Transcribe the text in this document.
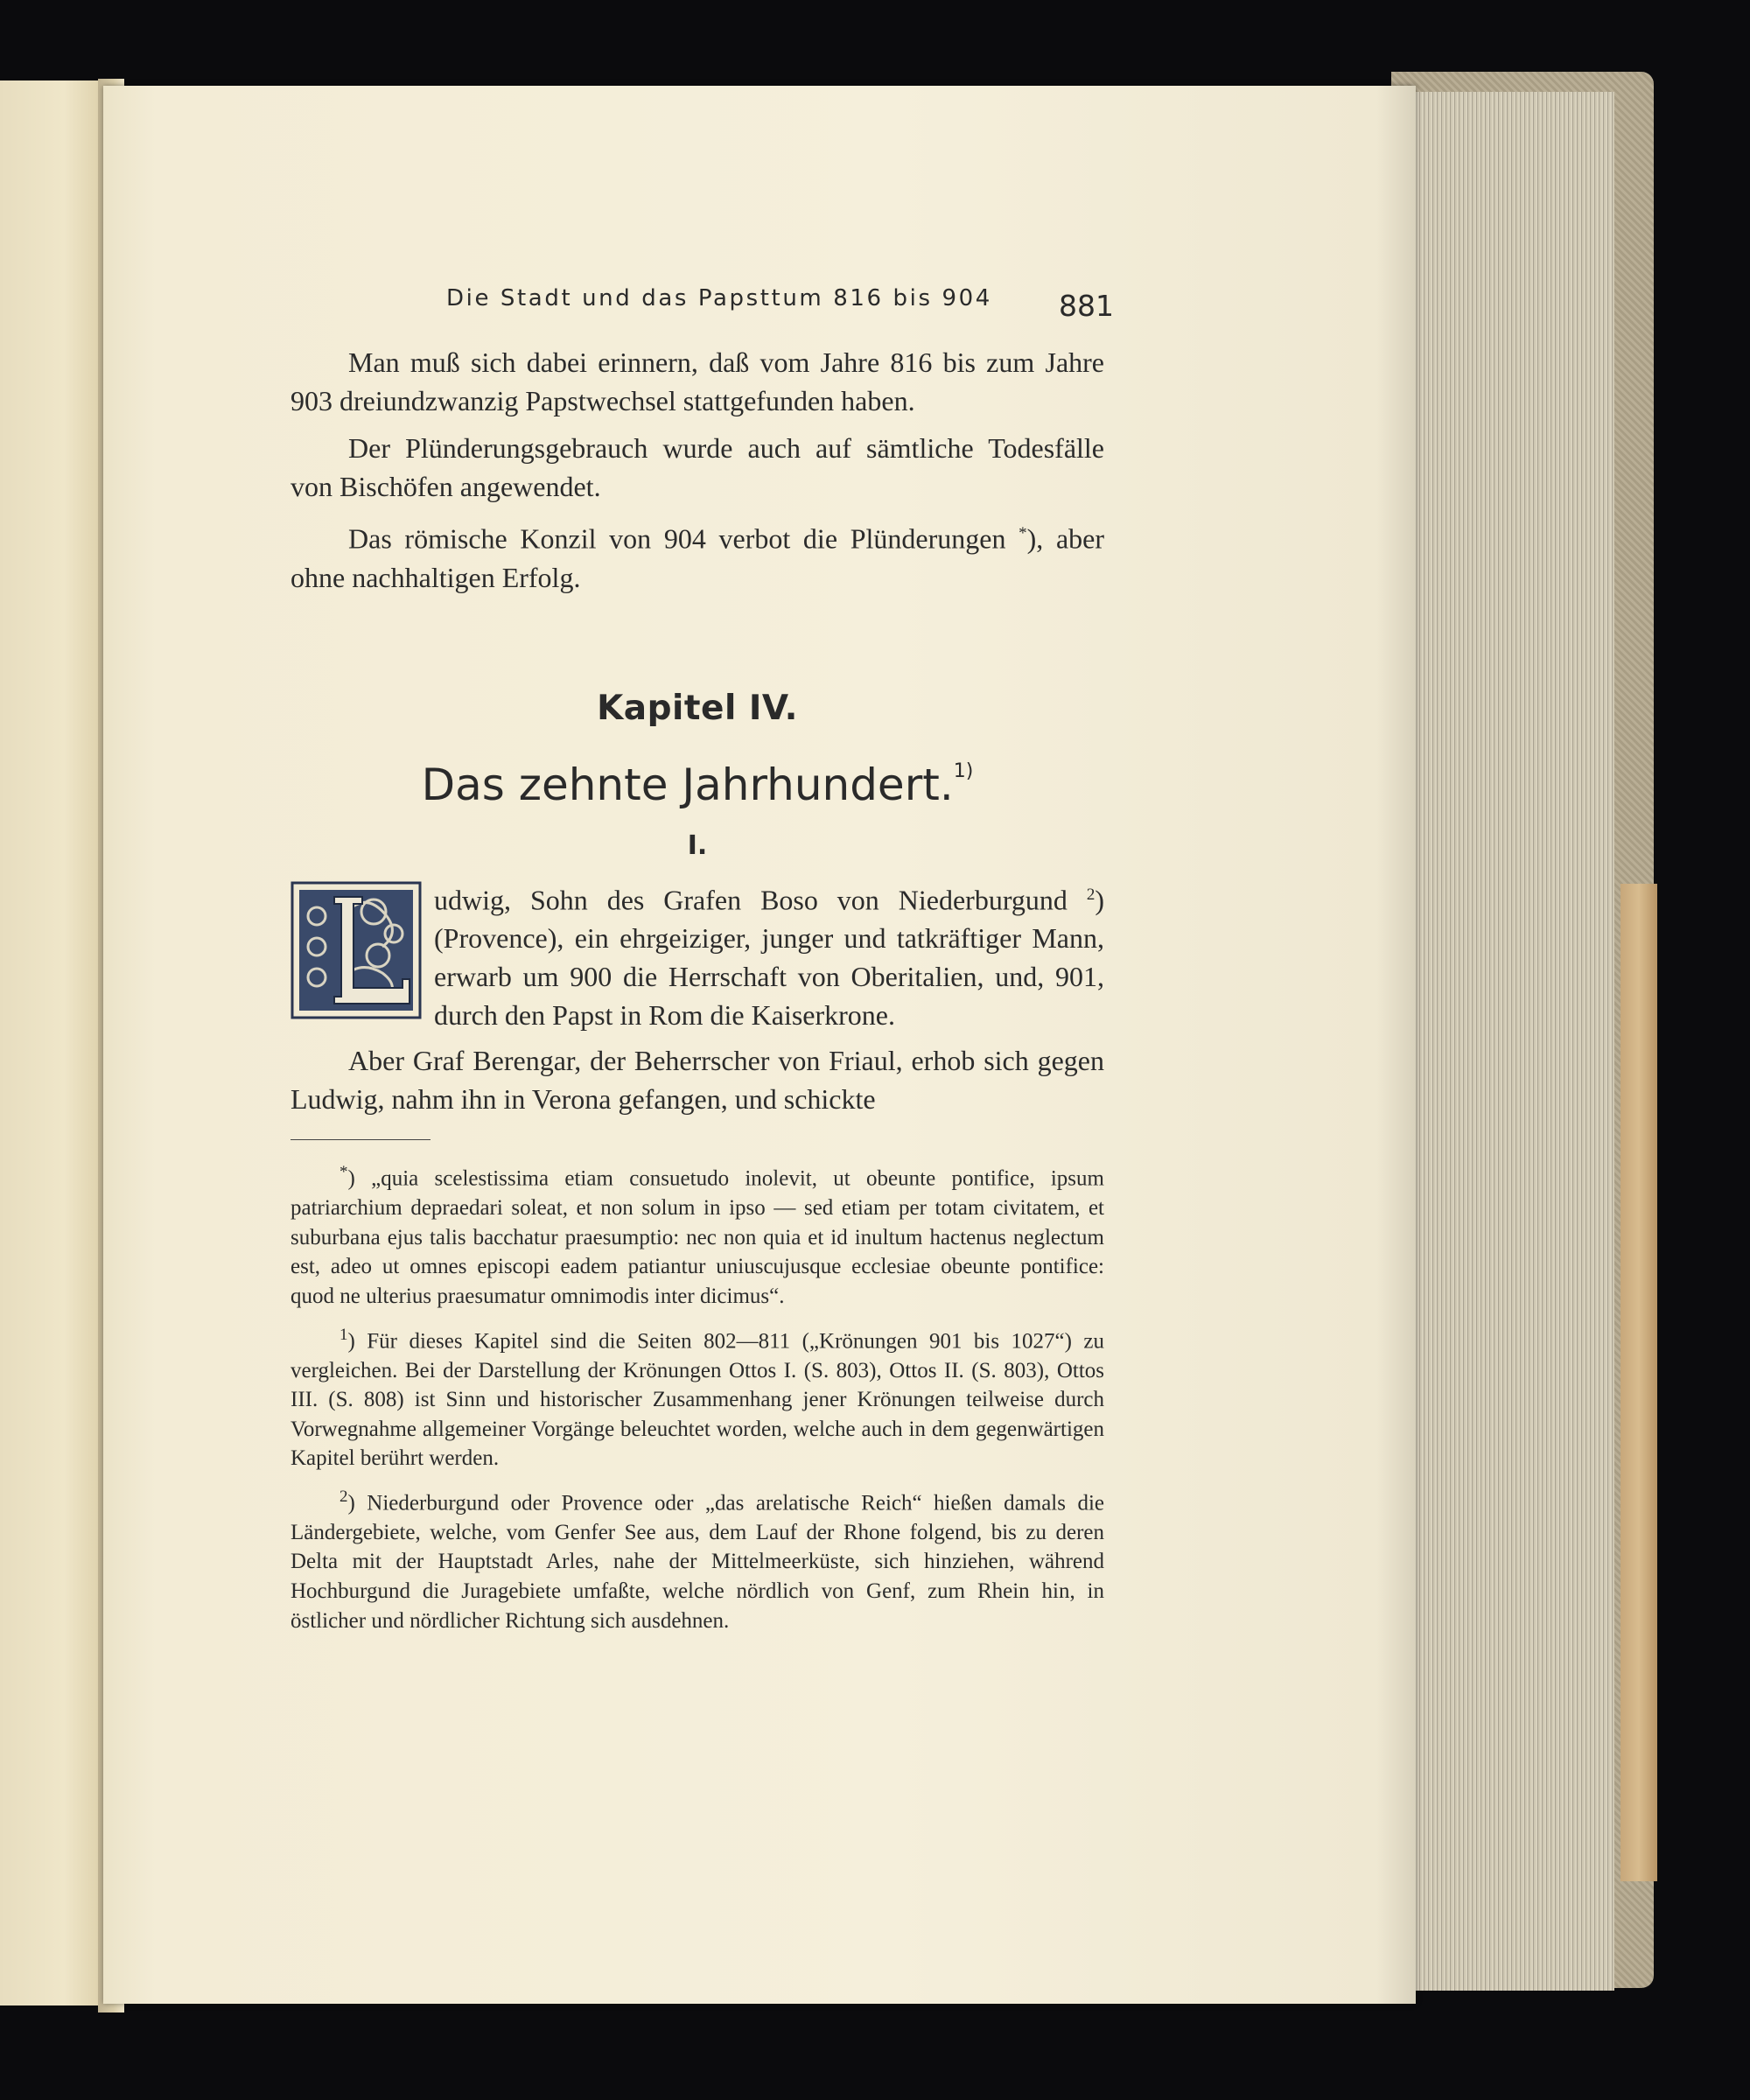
Die Stadt und das Papsttum 816 bis 904 881

Man muß sich dabei erinnern, daß vom Jahre 816 bis zum Jahre 903 dreiundzwanzig Papstwechsel stattgefunden haben.

Der Plünderungsgebrauch wurde auch auf sämtliche Todesfälle von Bischöfen angewendet.

Das römische Konzil von 904 verbot die Plünderungen *), aber ohne nachhaltigen Erfolg.

Kapitel IV.
Das zehnte Jahrhundert.$^{1)}$
I.

udwig, Sohn des Grafen Boso von Niederburgund $^2$) (Provence), ein ehrgeiziger, junger und tatkräftiger Mann, erwarb um 900 die Herrschaft von Oberitalien, und, 901, durch den Papst in Rom die Kaiserkrone.

Aber Graf Berengar, der Beherrscher von Friaul, erhob sich gegen Ludwig, nahm ihn in Verona gefangen, und schickte

*) „quia scelestissima etiam consuetudo inolevit, ut obeunte pontifice, ipsum patriarchium depraedari soleat, et non solum in ipso — sed etiam per totam civitatem, et suburbana ejus talis bacchatur praesumptio: nec non quia et id inultum hactenus neglectum est, adeo ut omnes episcopi eadem patiantur uniuscujusque ecclesiae obeunte pontifice: quod ne ulterius praesumatur omnimodis inter dicimus“.

$^1$) Für dieses Kapitel sind die Seiten 802—811 („Krönungen 901 bis 1027“) zu vergleichen. Bei der Darstellung der Krönungen Ottos I. (S. 803), Ottos II. (S. 803), Ottos III. (S. 808) ist Sinn und historischer Zusammenhang jener Krönungen teilweise durch Vorwegnahme allgemeiner Vorgänge beleuchtet worden, welche auch in dem gegenwärtigen Kapitel berührt werden.

$^2$) Niederburgund oder Provence oder „das arelatische Reich“ hießen damals die Ländergebiete, welche, vom Genfer See aus, dem Lauf der Rhone folgend, bis zu deren Delta mit der Hauptstadt Arles, nahe der Mittelmeerküste, sich hinziehen, während Hochburgund die Juragebiete umfaßte, welche nördlich von Genf, zum Rhein hin, in östlicher und nördlicher Richtung sich ausdehnen.
